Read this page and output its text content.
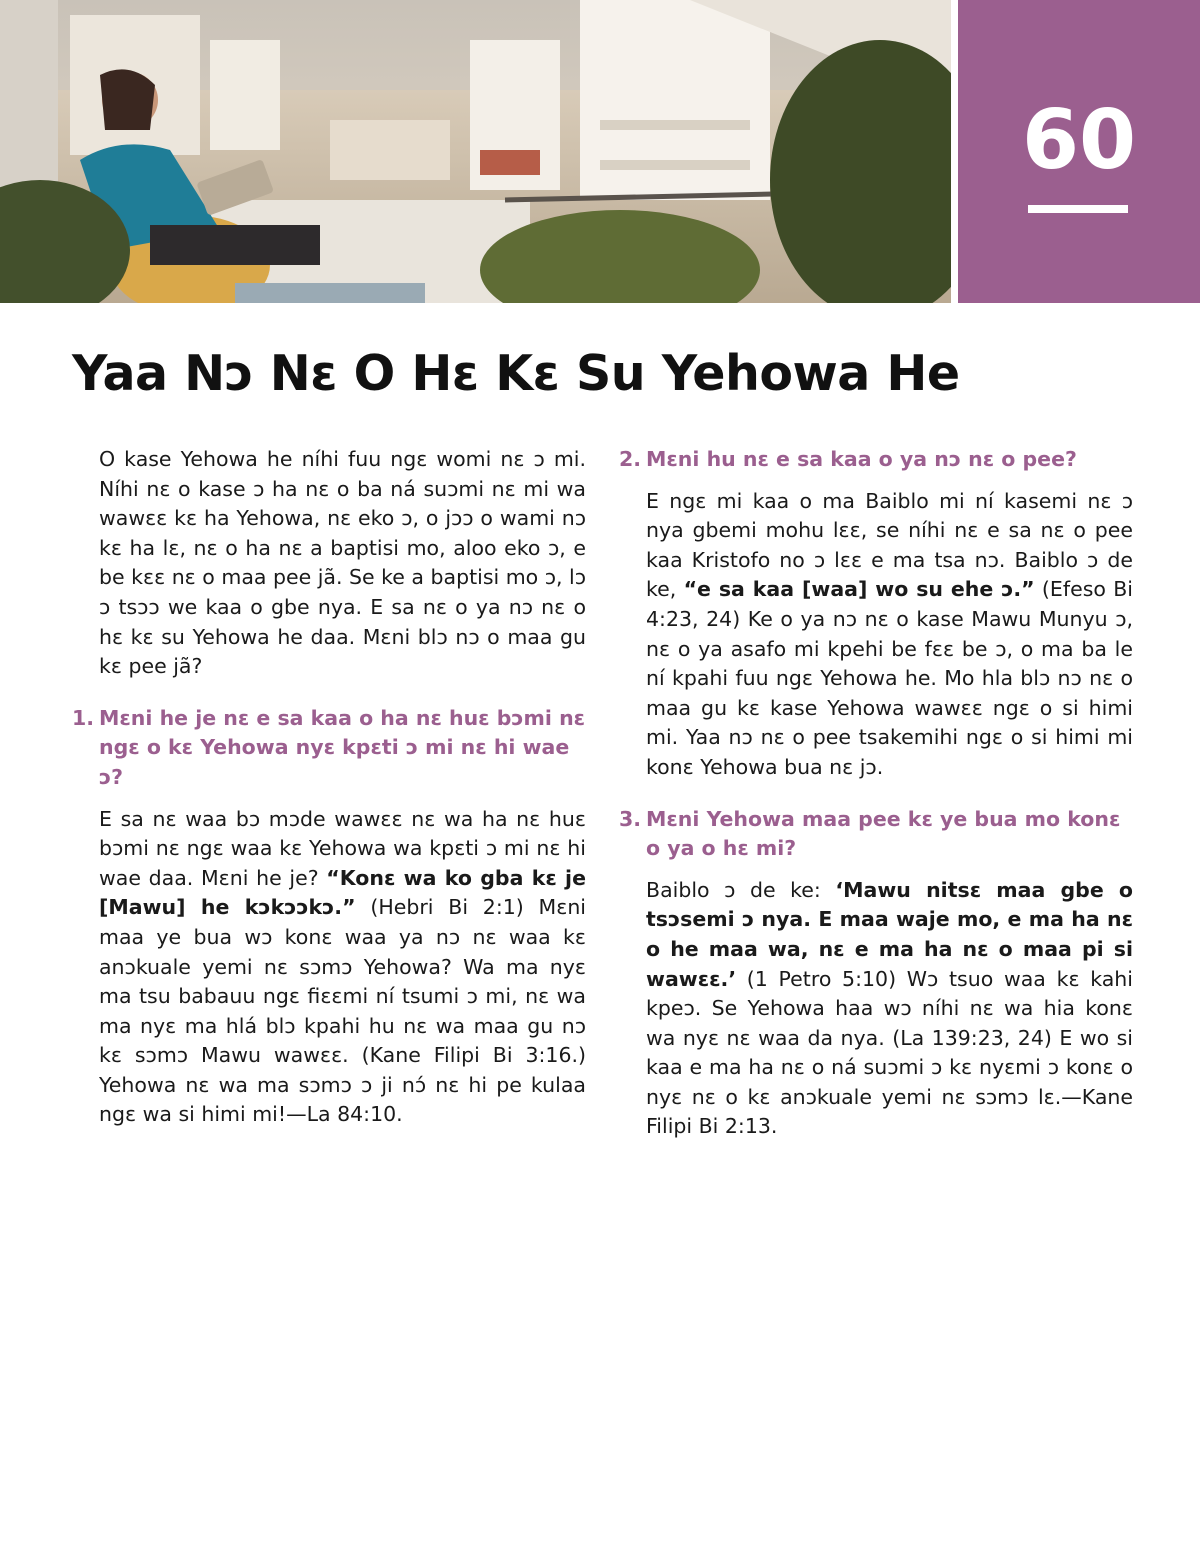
60
Yaa Nɔ Nɛ O Hɛ Kɛ Su Yehowa He

O kase Yehowa he níhi fuu ngɛ womi nɛ ɔ mi. Níhi nɛ o kase ɔ ha nɛ o ba ná suɔmi nɛ mi wa wawɛɛ kɛ ha Yehowa, nɛ eko ɔ, o jɔɔ o wami nɔ kɛ ha lɛ, nɛ o ha nɛ a baptisi mo, aloo eko ɔ, e be kɛɛ nɛ o maa pee jã. Se ke a baptisi mo ɔ, lɔ ɔ tsɔɔ we kaa o gbe nya. E sa nɛ o ya nɔ nɛ o hɛ kɛ su Yehowa he daa. Mɛni blɔ nɔ o maa gu kɛ pee jã?

1. Mɛni he je nɛ e sa kaa o ha nɛ huɛ bɔmi nɛ ngɛ o kɛ Yehowa nyɛ kpɛti ɔ mi nɛ hi wae ɔ?

E sa nɛ waa bɔ mɔde wawɛɛ nɛ wa ha nɛ huɛ bɔmi nɛ ngɛ waa kɛ Yehowa wa kpɛti ɔ mi nɛ hi wae daa. Mɛni he je? “Konɛ wa ko gba kɛ je [Mawu] he kɔkɔɔkɔ.” (Hebri Bi 2:1) Mɛni maa ye bua wɔ konɛ waa ya nɔ nɛ waa kɛ anɔkuale yemi nɛ sɔmɔ Yehowa? Wa ma nyɛ ma tsu babauu ngɛ fiɛɛmi ní tsumi ɔ mi, nɛ wa ma nyɛ ma hlá blɔ kpahi hu nɛ wa maa gu nɔ kɛ sɔmɔ Mawu wawɛɛ. (Kane Filipi Bi 3:16.) Yehowa nɛ wa ma sɔmɔ ɔ ji nɔ́ nɛ hi pe kulaa ngɛ wa si himi mi!—La 84:10.

2. Mɛni hu nɛ e sa kaa o ya nɔ nɛ o pee?

E ngɛ mi kaa o ma Baiblo mi ní kasemi nɛ ɔ nya gbemi mohu lɛɛ, se níhi nɛ e sa nɛ o pee kaa Kristofo no ɔ lɛɛ e ma tsa nɔ. Baiblo ɔ de ke, “e sa kaa [waa] wo su ehe ɔ.” (Efeso Bi 4:23, 24) Ke o ya nɔ nɛ o kase Mawu Munyu ɔ, nɛ o ya asafo mi kpehi be fɛɛ be ɔ, o ma ba le ní kpahi fuu ngɛ Yehowa he. Mo hla blɔ nɔ nɛ o maa gu kɛ kase Yehowa wawɛɛ ngɛ o si himi mi. Yaa nɔ nɛ o pee tsakemihi ngɛ o si himi mi konɛ Yehowa bua nɛ jɔ.

3. Mɛni Yehowa maa pee kɛ ye bua mo konɛ o ya o hɛ mi?

Baiblo ɔ de ke: ‘Mawu nitsɛ maa gbe o tsɔsemi ɔ nya. E maa waje mo, e ma ha nɛ o he maa wa, nɛ e ma ha nɛ o maa pi si wawɛɛ.’ (1 Petro 5:10) Wɔ tsuo waa kɛ kahi kpeɔ. Se Yehowa haa wɔ níhi nɛ wa hia konɛ wa nyɛ nɛ waa da nya. (La 139:23, 24) E wo si kaa e ma ha nɛ o ná suɔmi ɔ kɛ nyɛmi ɔ konɛ o nyɛ nɛ o kɛ anɔkuale yemi nɛ sɔmɔ lɛ.—Kane Filipi Bi 2:13.
